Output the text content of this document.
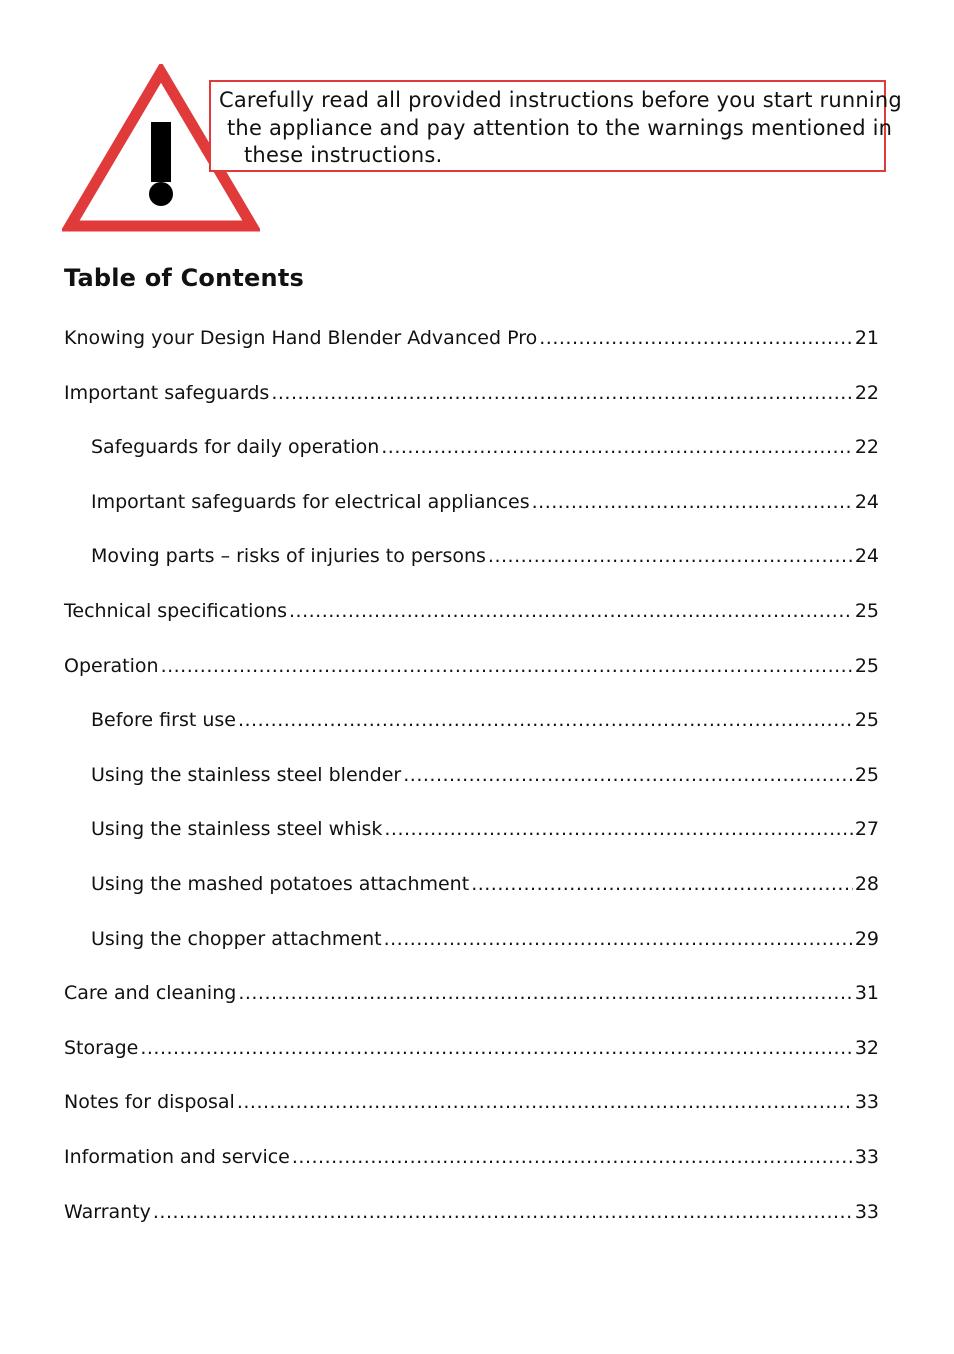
Carefully read all provided instructions before you start running
the appliance and pay attention to the warnings mentioned in
these instructions.
Table of Contents
Knowing your Design Hand Blender Advanced Pro .....	21
Important safeguards .....	22
Safeguards for daily operation .....	22
Important safeguards for electrical appliances .....	24
Moving parts – risks of injuries to persons .....	24
Technical specifications .....	25
Operation .....	25
Before first use .....	25
Using the stainless steel blender .....	25
Using the stainless steel whisk .....	27
Using the mashed potatoes attachment .....	28
Using the chopper attachment .....	29
Care and cleaning .....	31
Storage .....	32
Notes for disposal .....	33
Information and service .....	33
Warranty .....	33
